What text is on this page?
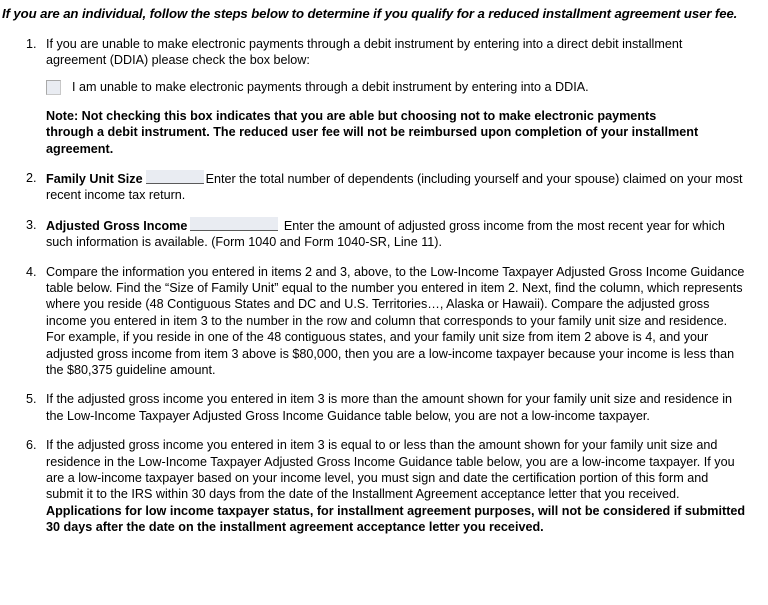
If you are an individual, follow the steps below to determine if you qualify for a reduced installment agreement user fee.

1. If you are unable to make electronic payments through a debit instrument by entering into a direct debit installment agreement (DDIA) please check the box below:
I am unable to make electronic payments through a debit instrument by entering into a DDIA.
Note: Not checking this box indicates that you are able but choosing not to make electronic payments through a debit instrument. The reduced user fee will not be reimbursed upon completion of your installment agreement.
2. Family Unit Size	Enter the total number of dependents (including yourself and your spouse) claimed on your most recent income tax return.
3. Adjusted Gross Income	Enter the amount of adjusted gross income from the most recent year for which such information is available. (Form 1040 and Form 1040-SR, Line 11).
4. Compare the information you entered in items 2 and 3, above, to the Low-Income Taxpayer Adjusted Gross Income Guidance table below. Find the “Size of Family Unit” equal to the number you entered in item 2. Next, find the column, which represents where you reside (48 Contiguous States and DC and U.S. Territories…, Alaska or Hawaii). Compare the adjusted gross income you entered in item 3 to the number in the row and column that corresponds to your family unit size and residence. For example, if you reside in one of the 48 contiguous states, and your family unit size from item 2 above is 4, and your adjusted gross income from item 3 above is $80,000, then you are a low-income taxpayer because your income is less than the $80,375 guideline amount.
5. If the adjusted gross income you entered in item 3 is more than the amount shown for your family unit size and residence in the Low-Income Taxpayer Adjusted Gross Income Guidance table below, you are not a low-income taxpayer.
6. If the adjusted gross income you entered in item 3 is equal to or less than the amount shown for your family unit size and residence in the Low-Income Taxpayer Adjusted Gross Income Guidance table below, you are a low-income taxpayer. If you are a low-income taxpayer based on your income level, you must sign and date the certification portion of this form and submit it to the IRS within 30 days from the date of the Installment Agreement acceptance letter that you received. Applications for low income taxpayer status, for installment agreement purposes, will not be considered if submitted 30 days after the date on the installment agreement acceptance letter you received.
